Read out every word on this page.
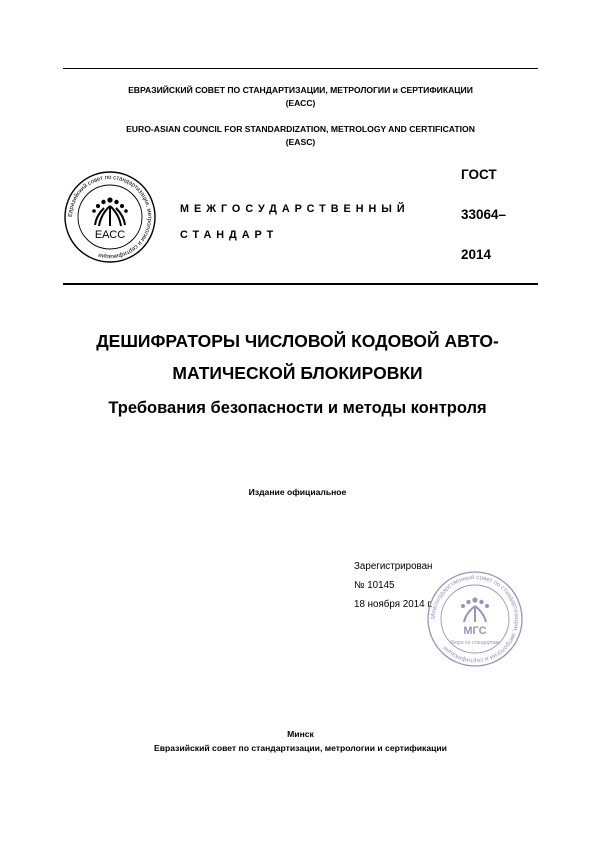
ЕВРАЗИЙСКИЙ СОВЕТ ПО СТАНДАРТИЗАЦИИ, МЕТРОЛОГИИ и СЕРТИФИКАЦИИ
(ЕАСС)
EURO-ASIAN COUNCIL FOR STANDARDIZATION, METROLOGY AND CERTIFICATION
(EASC)
Евразийский совет по стандартизации, метрологии и сертификации
ЕАСС
МЕЖГОСУДАРСТВЕННЫЙ
СТАНДАРТ
ГОСТ
33064–
2014
ДЕШИФРАТОРЫ ЧИСЛОВОЙ КОДОВОЙ АВТО-
МАТИЧЕСКОЙ БЛОКИРОВКИ
Требования безопасности и методы контроля
Издание официальное
Зарегистрирован
№ 10145
18 ноября 2014 г.
Межгосударственный совет по стандартизации, метрологии и сертификации
МГС
Бюро по стандартам
Минск
Евразийский совет по стандартизации, метрологии и сертификации
